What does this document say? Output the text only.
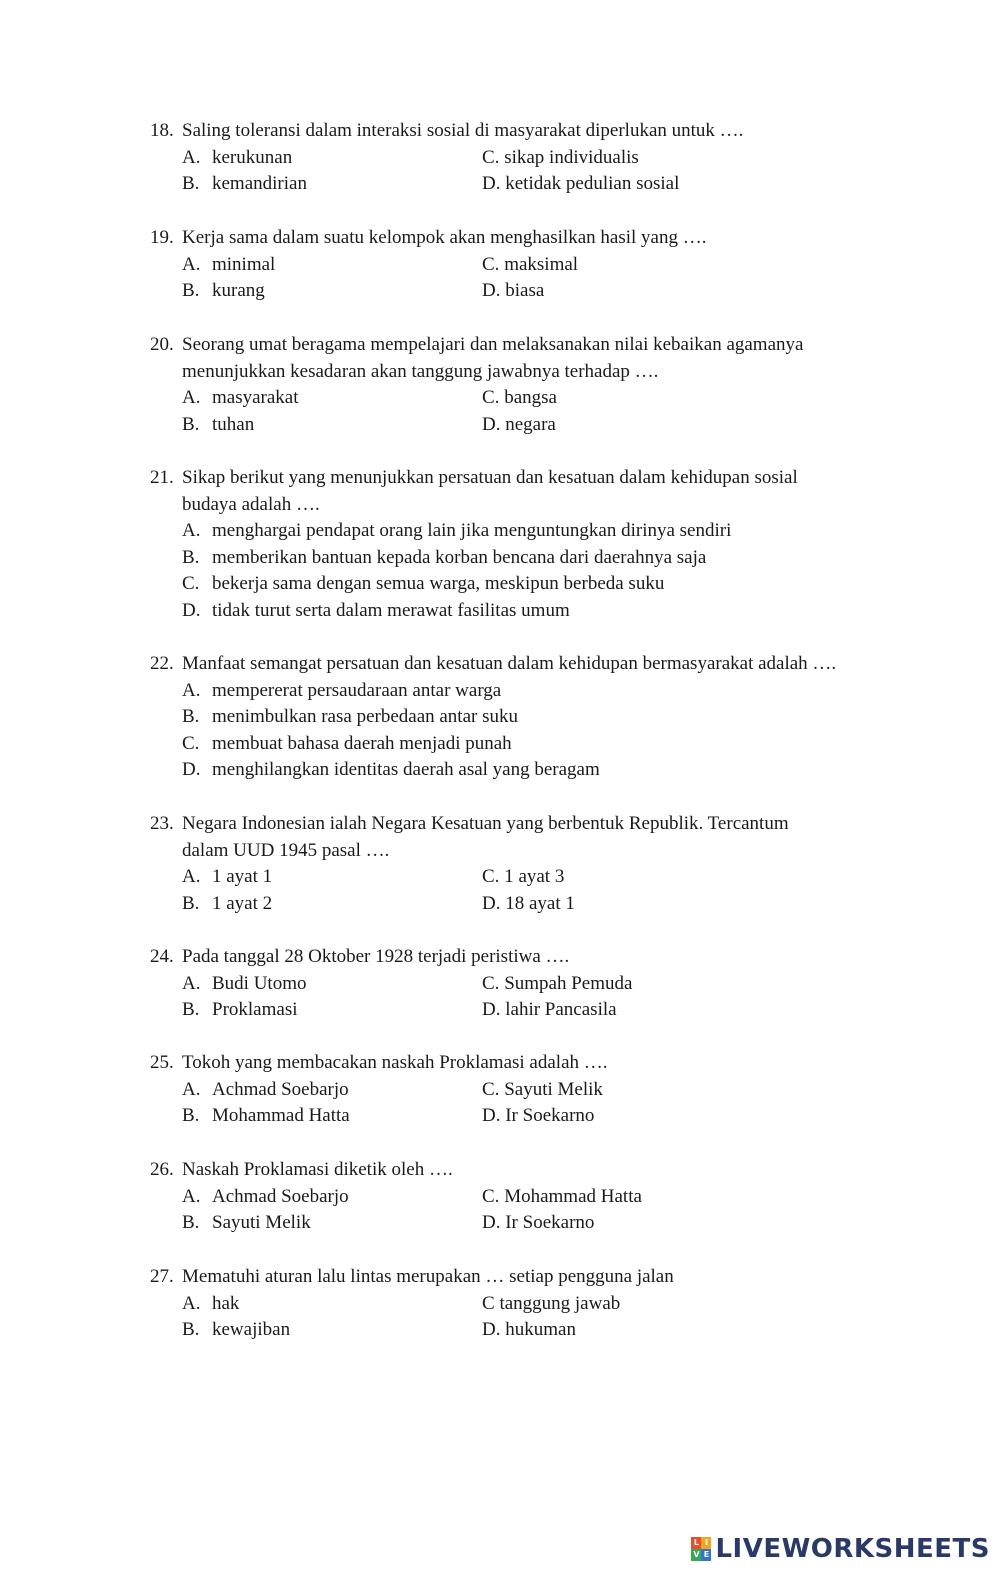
18. Saling toleransi dalam interaksi sosial di masyarakat diperlukan untuk ….
A. kerukunan	C. sikap individualis
B. kemandirian	D. ketidak pedulian sosial
19. Kerja sama dalam suatu kelompok akan menghasilkan hasil yang ….
A. minimal	C. maksimal
B. kurang	D. biasa
20. Seorang umat beragama mempelajari dan melaksanakan nilai kebaikan agamanya menunjukkan kesadaran akan tanggung jawabnya terhadap ….
A. masyarakat	C. bangsa
B. tuhan	D. negara
21. Sikap berikut yang menunjukkan persatuan dan kesatuan dalam kehidupan sosial budaya adalah ….
A. menghargai pendapat orang lain jika menguntungkan dirinya sendiri
B. memberikan bantuan kepada korban bencana dari daerahnya saja
C. bekerja sama dengan semua warga, meskipun berbeda suku
D. tidak turut serta dalam merawat fasilitas umum
22. Manfaat semangat persatuan dan kesatuan dalam kehidupan bermasyarakat adalah ….
A. mempererat persaudaraan antar warga
B. menimbulkan rasa perbedaan antar suku
C. membuat bahasa daerah menjadi punah
D. menghilangkan identitas daerah asal yang beragam
23. Negara Indonesian ialah Negara Kesatuan yang berbentuk Republik. Tercantum dalam UUD 1945 pasal ….
A. 1 ayat 1	C. 1 ayat 3
B. 1 ayat 2	D. 18 ayat 1
24. Pada tanggal 28 Oktober 1928 terjadi peristiwa ….
A. Budi Utomo	C. Sumpah Pemuda
B. Proklamasi	D. lahir Pancasila
25. Tokoh yang membacakan naskah Proklamasi adalah ….
A. Achmad Soebarjo	C. Sayuti Melik
B. Mohammad Hatta	D. Ir Soekarno
26. Naskah Proklamasi diketik oleh ….
A. Achmad Soebarjo	C. Mohammad Hatta
B. Sayuti Melik	D. Ir Soekarno
27. Mematuhi aturan lalu lintas merupakan … setiap pengguna jalan
A. hak	C tanggung jawab
B. kewajiban	D. hukuman
L I
V E LIVEWORKSHEETS
